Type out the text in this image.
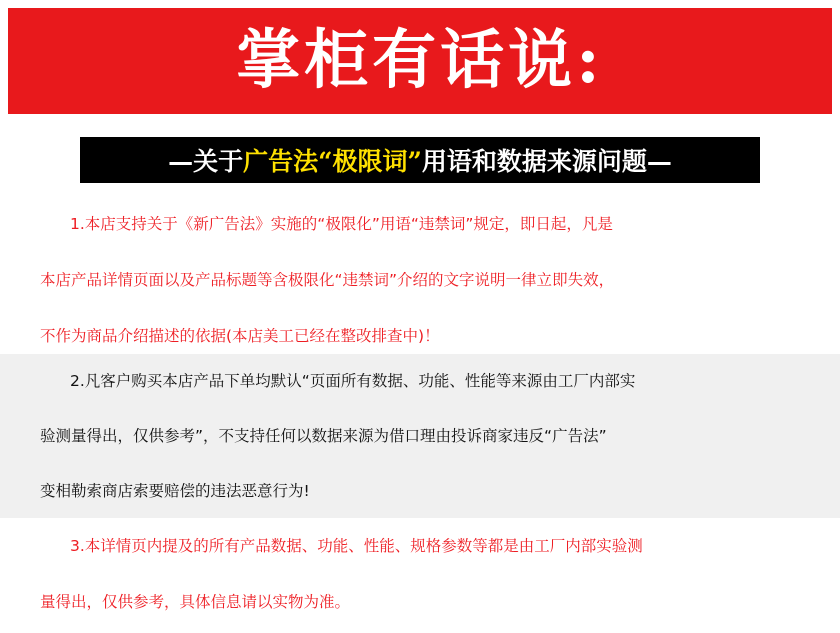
掌柜有话说:
—关于 广告法“极限词” 用语和数据来源问题—
1.本店支持关于《新广告法》实施的“极限化”用语“违禁词”规定，即日起，凡是
本店产品详情页面以及产品标题等含极限化“违禁词”介绍的文字说明一律立即失效，
不作为商品介绍描述的依据(本店美工已经在整改排查中)！
2.凡客户购买本店产品下单均默认“页面所有数据、功能、性能等来源由工厂内部实
验测量得出，仅供参考”，不支持任何以数据来源为借口理由投诉商家违反“广告法”
变相勒索商店索要赔偿的违法恶意行为!
3.本详情页内提及的所有产品数据、功能、性能、规格参数等都是由工厂内部实验测
量得出，仅供参考，具体信息请以实物为准。
